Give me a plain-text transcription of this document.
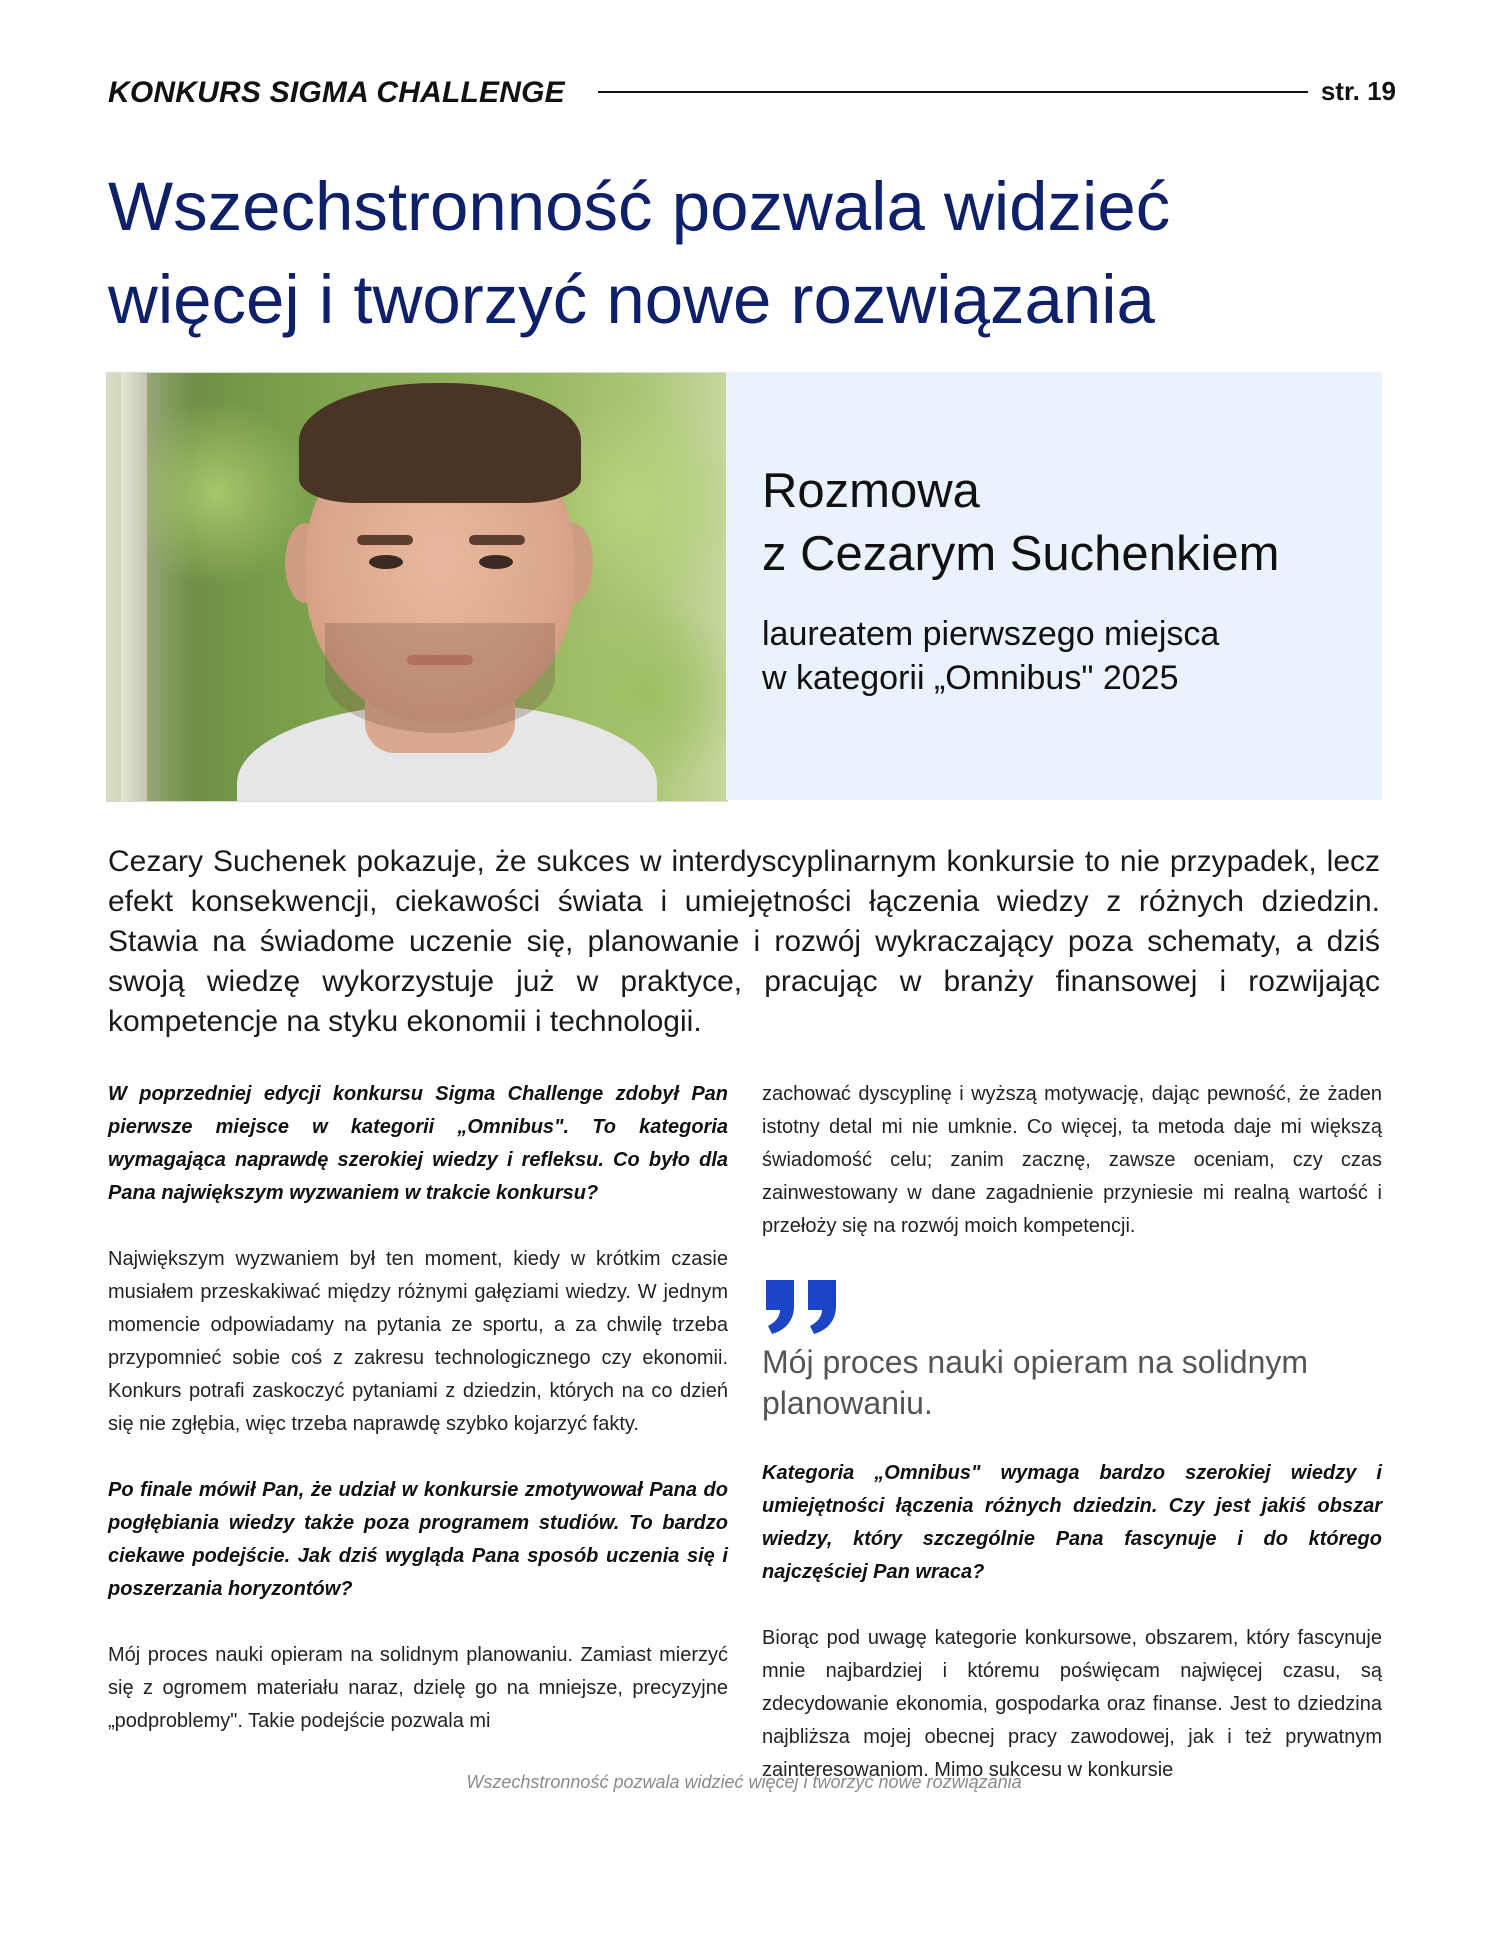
KONKURS SIGMA CHALLENGE	str. 19
Wszechstronność pozwala widzieć
więcej i tworzyć nowe rozwiązania
Rozmowa
z Cezarym Suchenkiem
laureatem pierwszego miejsca
w kategorii „Omnibus" 2025

Cezary Suchenek pokazuje, że sukces w interdyscyplinarnym konkursie to nie przypadek, lecz efekt konsekwencji, ciekawości świata i umiejętności łączenia wiedzy z różnych dziedzin. Stawia na świadome uczenie się, planowanie i rozwój wykraczający poza schematy, a dziś swoją wiedzę wykorzystuje już w praktyce, pracując w branży finansowej i rozwijając kompetencje na styku ekonomii i technologii.

W poprzedniej edycji konkursu Sigma Challenge zdobył Pan pierwsze miejsce w kategorii „Omnibus". To kategoria wymagająca naprawdę szerokiej wiedzy i refleksu. Co było dla Pana największym wyzwaniem w trakcie konkursu?

Największym wyzwaniem był ten moment, kiedy w krótkim czasie musiałem przeskakiwać między różnymi gałęziami wiedzy. W jednym momencie odpowiadamy na pytania ze sportu, a za chwilę trzeba przypomnieć sobie coś z zakresu technologicznego czy ekonomii. Konkurs potrafi zaskoczyć pytaniami z dziedzin, których na co dzień się nie zgłębia, więc trzeba naprawdę szybko kojarzyć fakty.

Po finale mówił Pan, że udział w konkursie zmotywował Pana do pogłębiania wiedzy także poza programem studiów. To bardzo ciekawe podejście. Jak dziś wygląda Pana sposób uczenia się i poszerzania horyzontów?

Mój proces nauki opieram na solidnym planowaniu. Zamiast mierzyć się z ogromem materiału naraz, dzielę go na mniejsze, precyzyjne „podproblemy". Takie podejście pozwala mi

zachować dyscyplinę i wyższą motywację, dając pewność, że żaden istotny detal mi nie umknie. Co więcej, ta metoda daje mi większą świadomość celu; zanim zacznę, zawsze oceniam, czy czas zainwestowany w dane zagadnienie przyniesie mi realną wartość i przełoży się na rozwój moich kompetencji.

Mój proces nauki opieram na solidnym planowaniu.

Kategoria „Omnibus" wymaga bardzo szerokiej wiedzy i umiejętności łączenia różnych dziedzin. Czy jest jakiś obszar wiedzy, który szczególnie Pana fascynuje i do którego najczęściej Pan wraca?

Biorąc pod uwagę kategorie konkursowe, obszarem, który fascynuje mnie najbardziej i któremu poświęcam najwięcej czasu, są zdecydowanie ekonomia, gospodarka oraz finanse. Jest to dziedzina najbliższa mojej obecnej pracy zawodowej, jak i też prywatnym zainteresowaniom. Mimo sukcesu w konkursie

Wszechstronność pozwala widzieć więcej i tworzyć nowe rozwiązania
